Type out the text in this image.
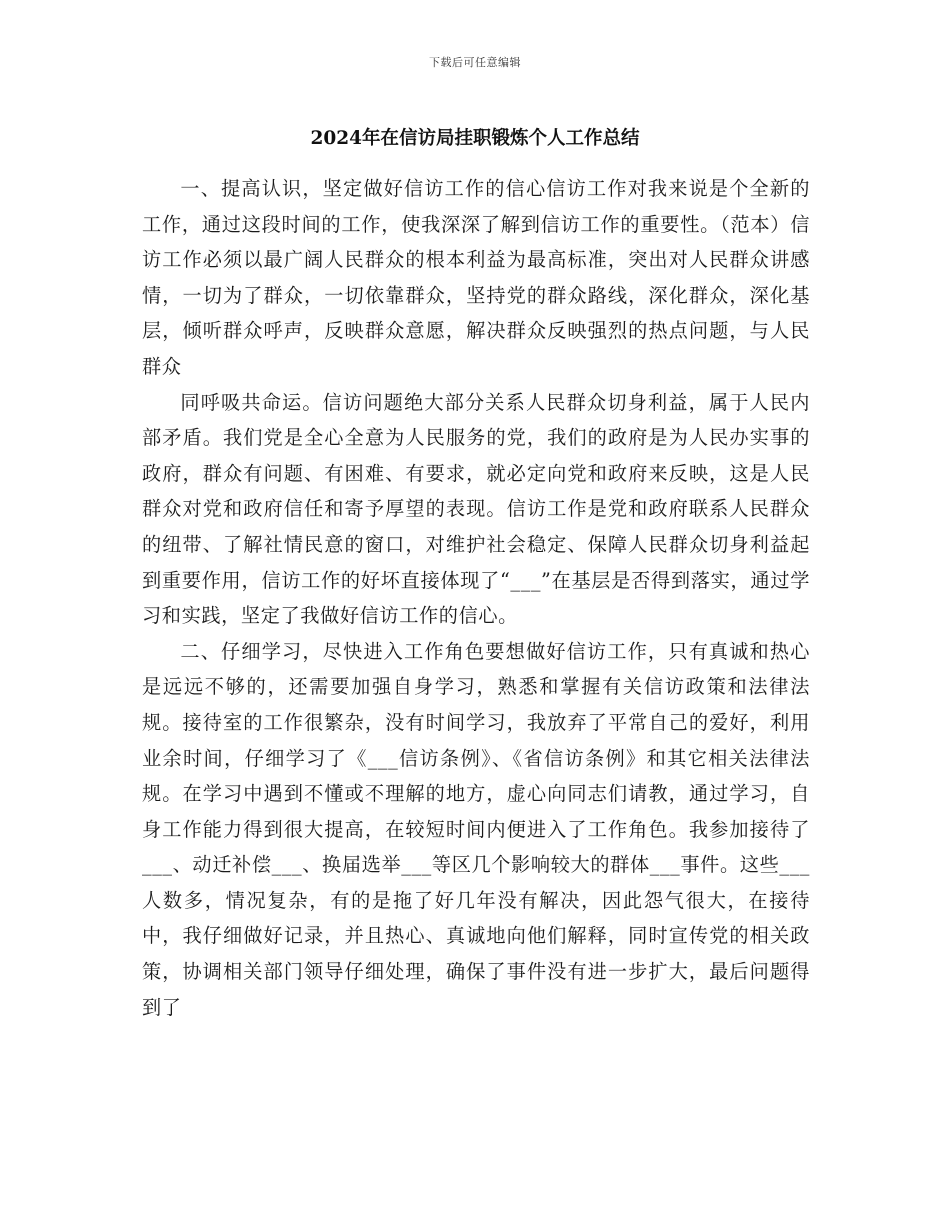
下载后可任意编辑
2024年在信访局挂职锻炼个人工作总结

一、提高认识，坚定做好信访工作的信心信访工作对我来说是个全新的工作，通过这段时间的工作，使我深深了解到信访工作的重要性。（范本）信访工作必须以最广阔人民群众的根本利益为最高标准，突出对人民群众讲感情，一切为了群众，一切依靠群众，坚持党的群众路线，深化群众，深化基层，倾听群众呼声，反映群众意愿，解决群众反映强烈的热点问题，与人民群众

同呼吸共命运。信访问题绝大部分关系人民群众切身利益，属于人民内部矛盾。我们党是全心全意为人民服务的党，我们的政府是为人民办实事的政府，群众有问题、有困难、有要求，就必定向党和政府来反映，这是人民群众对党和政府信任和寄予厚望的表现。信访工作是党和政府联系人民群众的纽带、了解社情民意的窗口，对维护社会稳定、保障人民群众切身利益起到重要作用，信访工作的好坏直接体现了“___”在基层是否得到落实，通过学习和实践，坚定了我做好信访工作的信心。

二、仔细学习，尽快进入工作角色要想做好信访工作，只有真诚和热心是远远不够的，还需要加强自身学习，熟悉和掌握有关信访政策和法律法规。接待室的工作很繁杂，没有时间学习，我放弃了平常自己的爱好，利用业余时间，仔细学习了《___信访条例》、《省信访条例》和其它相关法律法规。在学习中遇到不懂或不理解的地方，虚心向同志们请教，通过学习，自身工作能力得到很大提高，在较短时间内便进入了工作角色。我参加接待了___、动迁补偿___、换届选举___等区几个影响较大的群体___事件。这些___人数多，情况复杂，有的是拖了好几年没有解决，因此怨气很大，在接待中，我仔细做好记录，并且热心、真诚地向他们解释，同时宣传党的相关政策，协调相关部门领导仔细处理，确保了事件没有进一步扩大，最后问题得到了
